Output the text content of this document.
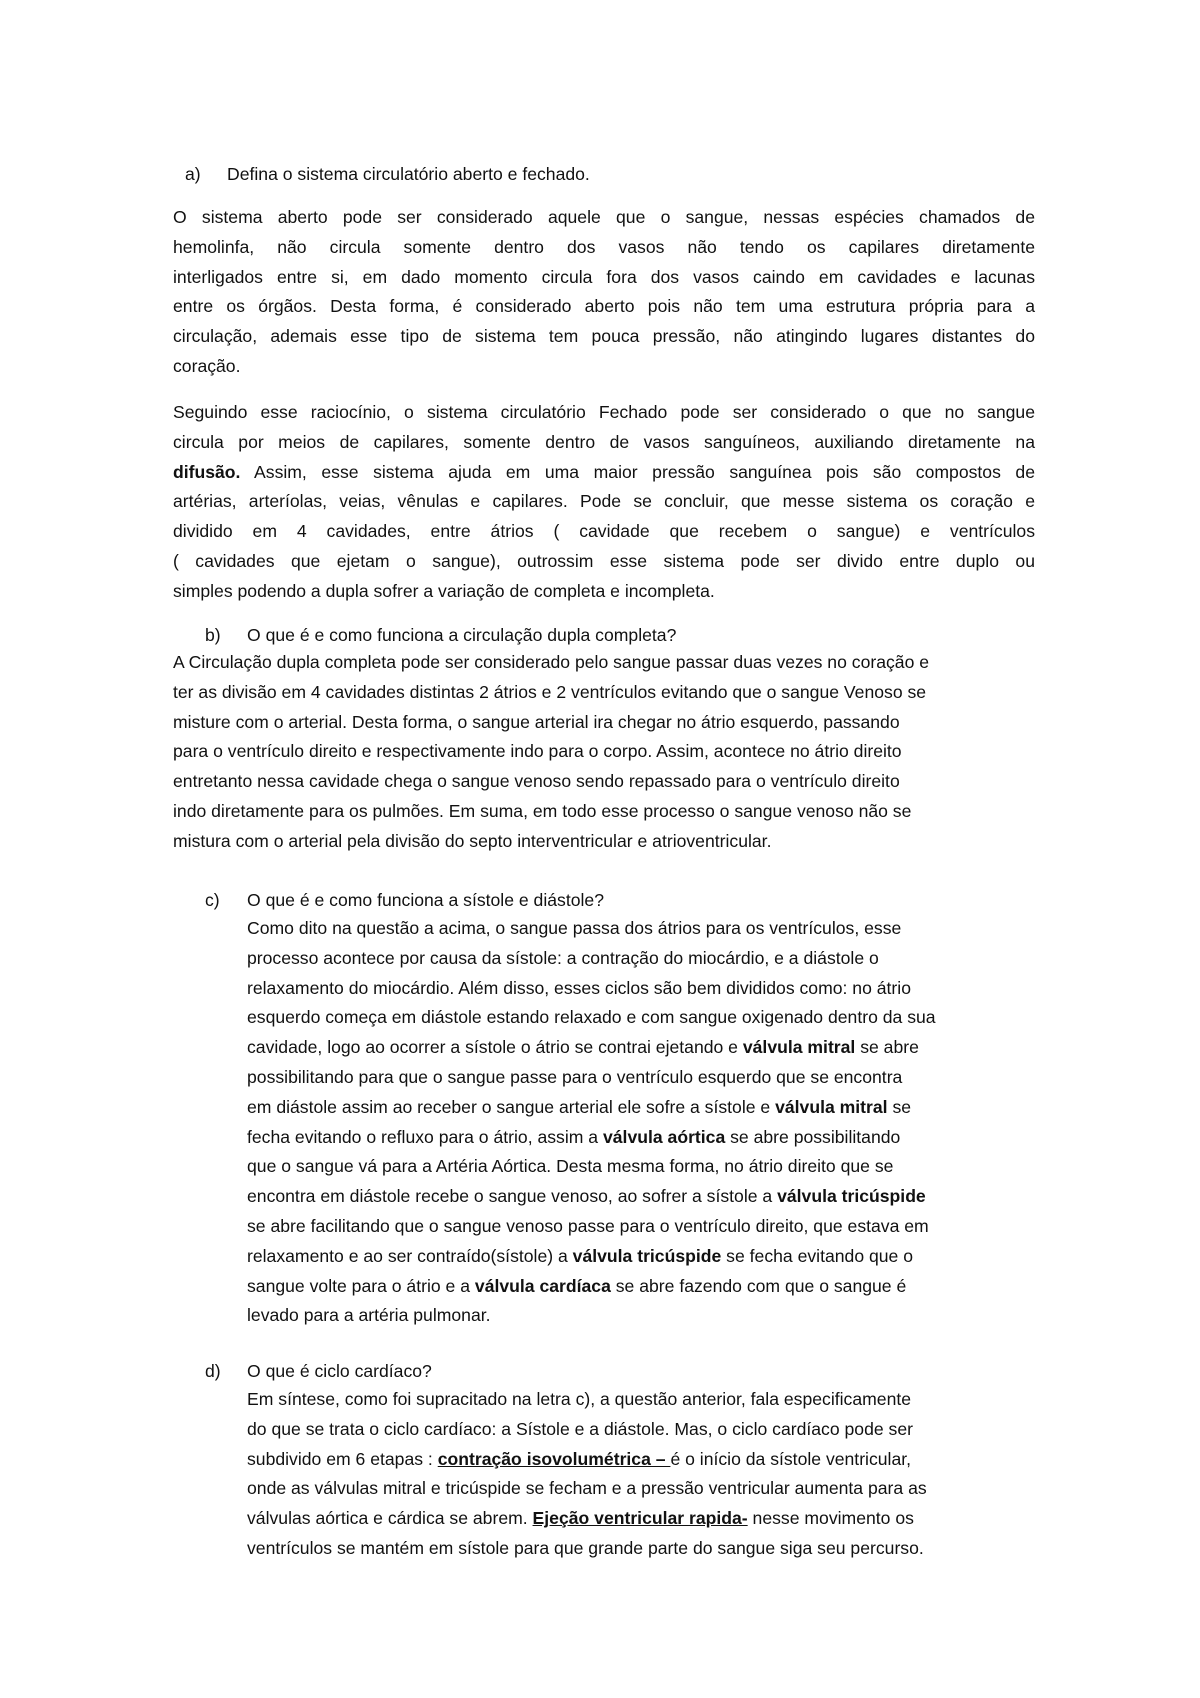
a) Defina o sistema circulatório aberto e fechado.

O sistema aberto pode ser considerado aquele que o sangue, nessas espécies chamados de
hemolinfa, não circula somente dentro dos vasos não tendo os capilares diretamente
interligados entre si, em dado momento circula fora dos vasos caindo em cavidades e lacunas
entre os órgãos. Desta forma, é considerado aberto pois não tem uma estrutura própria para a
circulação, ademais esse tipo de sistema tem pouca pressão, não atingindo lugares distantes do
coração.

Seguindo esse raciocínio, o sistema circulatório Fechado pode ser considerado o que no sangue
circula por meios de capilares, somente dentro de vasos sanguíneos, auxiliando diretamente na
difusão. Assim, esse sistema ajuda em uma maior pressão sanguínea pois são compostos de
artérias, arteríolas, veias, vênulas e capilares. Pode se concluir, que messe sistema os coração e
dividido em 4 cavidades, entre átrios ( cavidade que recebem o sangue) e ventrículos
( cavidades que ejetam o sangue), outrossim esse sistema pode ser divido entre duplo ou
simples podendo a dupla sofrer a variação de completa e incompleta.

b) O que é e como funciona a circulação dupla completa?

A Circulação dupla completa pode ser considerado pelo sangue passar duas vezes no coração e
ter as divisão em 4 cavidades distintas 2 átrios e 2 ventrículos evitando que o sangue Venoso se
misture com o arterial. Desta forma, o sangue arterial ira chegar no átrio esquerdo, passando
para o ventrículo direito e respectivamente indo para o corpo. Assim, acontece no átrio direito
entretanto nessa cavidade chega o sangue venoso sendo repassado para o ventrículo direito
indo diretamente para os pulmões. Em suma, em todo esse processo o sangue venoso não se
mistura com o arterial pela divisão do septo interventricular e atrioventricular.

c) O que é e como funciona a sístole e diástole?

Como dito na questão a acima, o sangue passa dos átrios para os ventrículos, esse
processo acontece por causa da sístole: a contração do miocárdio, e a diástole o
relaxamento do miocárdio. Além disso, esses ciclos são bem divididos como: no átrio
esquerdo começa em diástole estando relaxado e com sangue oxigenado dentro da sua
cavidade, logo ao ocorrer a sístole o átrio se contrai ejetando e válvula mitral se abre
possibilitando para que o sangue passe para o ventrículo esquerdo que se encontra
em diástole assim ao receber o sangue arterial ele sofre a sístole e válvula mitral se
fecha evitando o refluxo para o átrio, assim a válvula aórtica se abre possibilitando
que o sangue vá para a Artéria Aórtica. Desta mesma forma, no átrio direito que se
encontra em diástole recebe o sangue venoso, ao sofrer a sístole a válvula tricúspide
se abre facilitando que o sangue venoso passe para o ventrículo direito, que estava em
relaxamento e ao ser contraído(sístole) a válvula tricúspide se fecha evitando que o
sangue volte para o átrio e a válvula cardíaca se abre fazendo com que o sangue é
levado para a artéria pulmonar.

d) O que é ciclo cardíaco?

Em síntese, como foi supracitado na letra c), a questão anterior, fala especificamente
do que se trata o ciclo cardíaco: a Sístole e a diástole. Mas, o ciclo cardíaco pode ser
subdivido em 6 etapas : contração isovolumétrica – é o início da sístole ventricular,
onde as válvulas mitral e tricúspide se fecham e a pressão ventricular aumenta para as
válvulas aórtica e cárdica se abrem. Ejeção ventricular rapida- nesse movimento os
ventrículos se mantém em sístole para que grande parte do sangue siga seu percurso.
